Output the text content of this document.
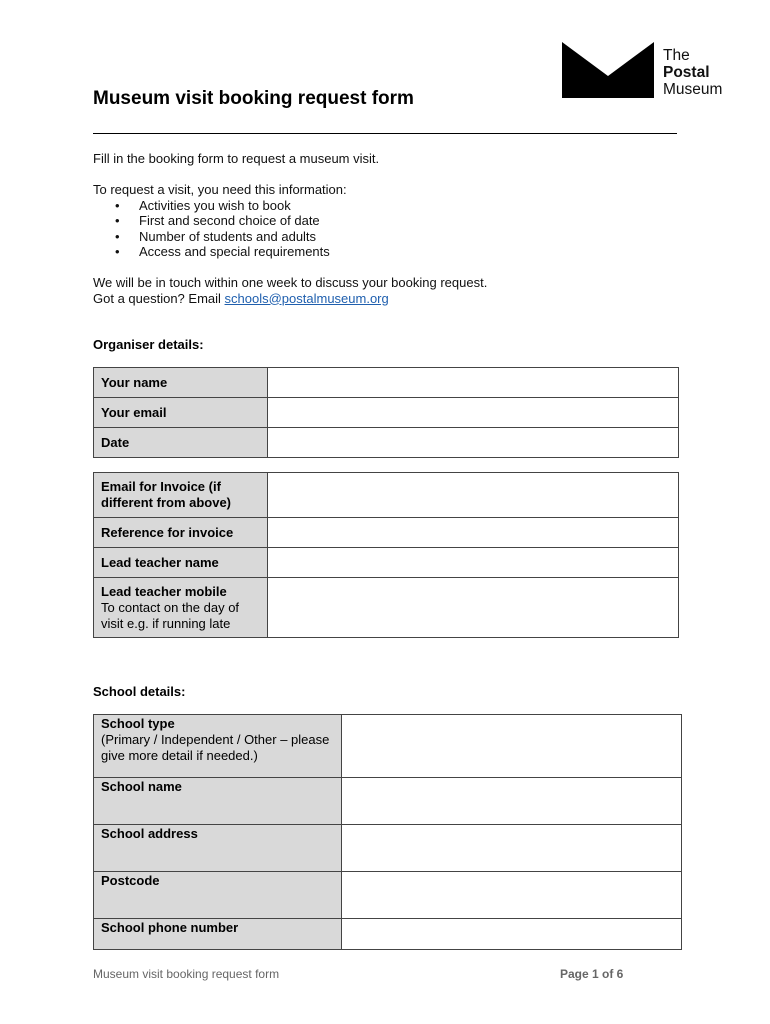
The
Postal
Museum
Museum visit booking request form

Fill in the booking form to request a museum visit.

To request a visit, you need this information:

• Activities you wish to book
• First and second choice of date
• Number of students and adults
• Access and special requirements

We will be in touch within one week to discuss your booking request.

Got a question? Email schools@postalmuseum.org

Organiser details:
Your name	

Your email	

Date	

Email for Invoice (if different from above)	

Reference for invoice	

Lead teacher name	

Lead teacher mobile
To contact on the day of visit e.g. if running late	

School details:
School type
(Primary / Independent / Other – please give more detail if needed.)	

School name	

School address	

Postcode	

School phone number	

Museum visit booking request form	Page 1 of 6
